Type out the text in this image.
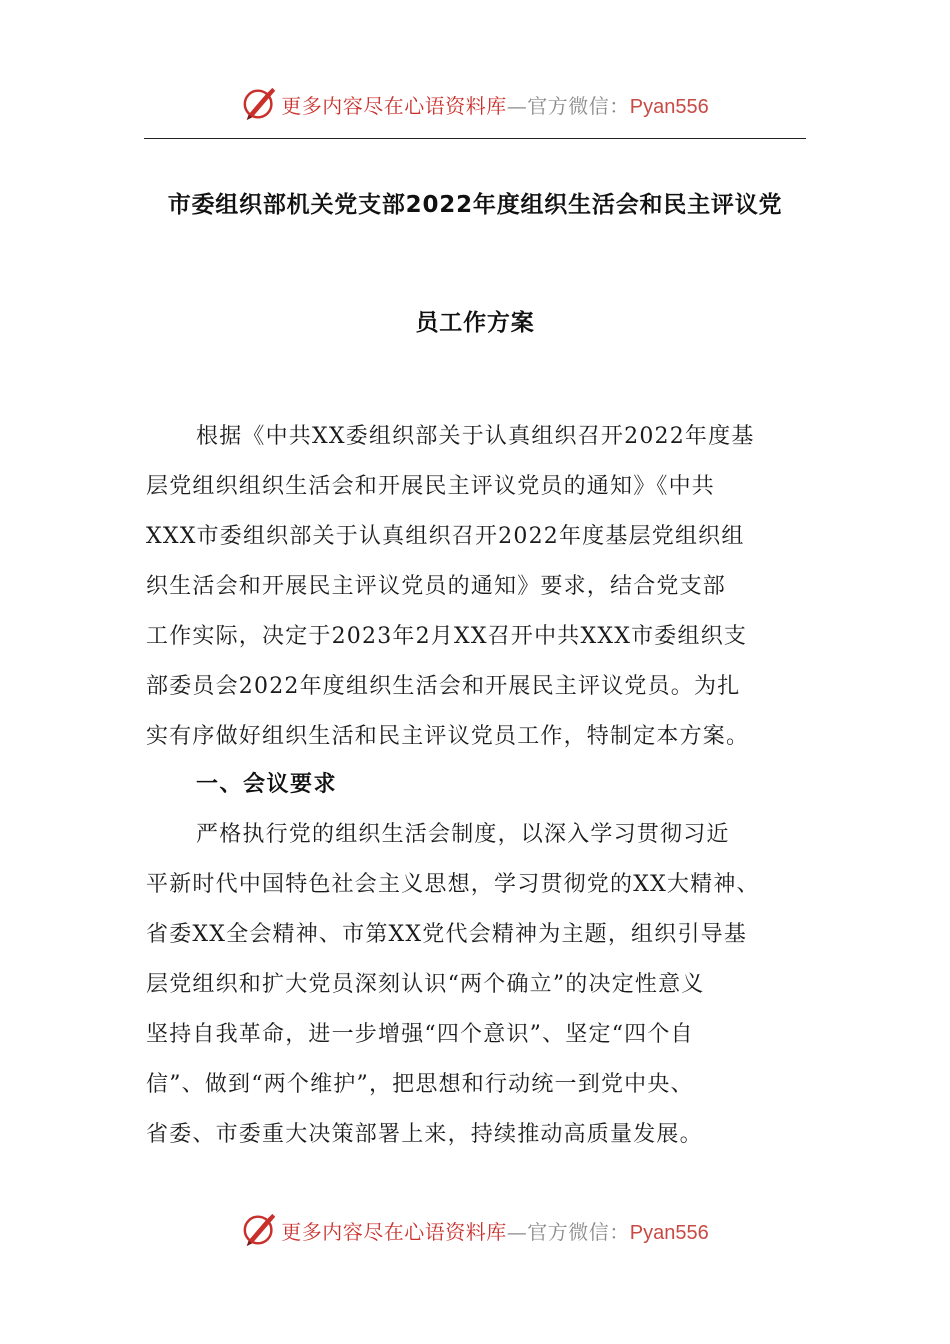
更多内容尽在心语资料库—官方微信：Pyan556
市委组织部机关党支部2022年度组织生活会和民主评议党
员工作方案
根据《中共XX委组织部关于认真组织召开2022年度基
层党组织组织生活会和开展民主评议党员的通知》《中共
XXX市委组织部关于认真组织召开2022年度基层党组织组
织生活会和开展民主评议党员的通知》要求，结合党支部
工作实际，决定于2023年2月XX召开中共XXX市委组织支
部委员会2022年度组织生活会和开展民主评议党员。为扎
实有序做好组织生活和民主评议党员工作，特制定本方案。
一、会议要求
严格执行党的组织生活会制度，以深入学习贯彻习近
平新时代中国特色社会主义思想，学习贯彻党的XX大精神、
省委XX全会精神、市第XX党代会精神为主题，组织引导基
层党组织和扩大党员深刻认识“两个确立”的决定性意义
坚持自我革命，进一步增强“四个意识”、坚定“四个自
信”、做到“两个维护”，把思想和行动统一到党中央、
省委、市委重大决策部署上来，持续推动高质量发展。
更多内容尽在心语资料库—官方微信：Pyan556
